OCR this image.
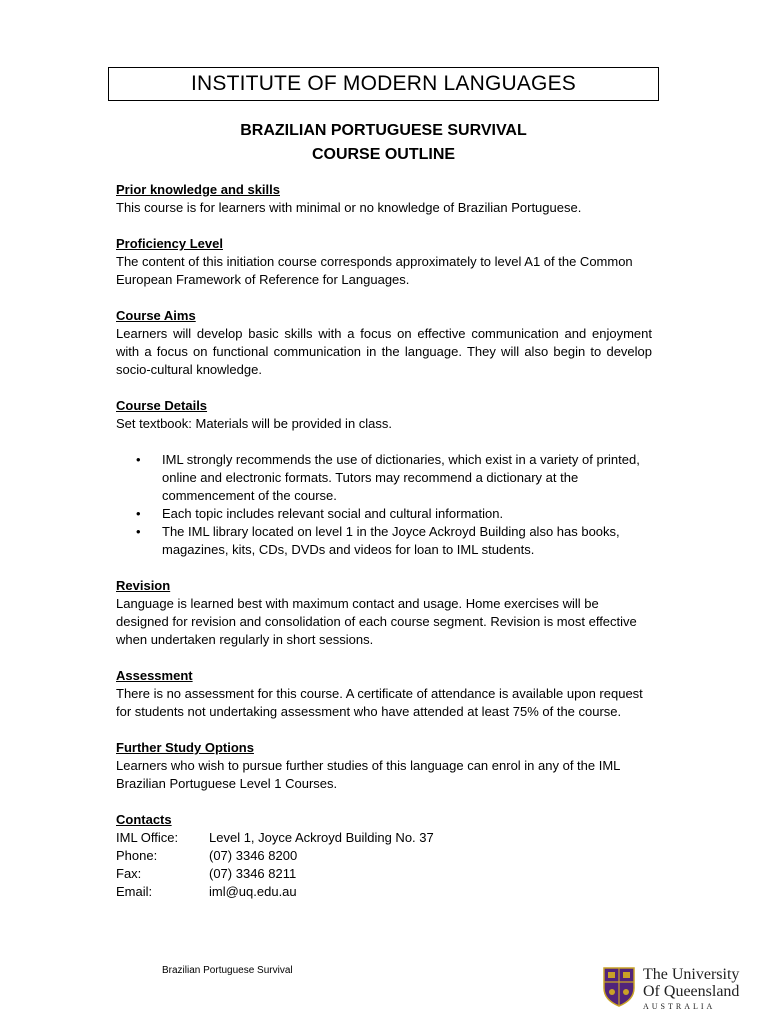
INSTITUTE OF MODERN LANGUAGES
BRAZILIAN PORTUGUESE SURVIVAL
COURSE OUTLINE
Prior knowledge and skills

This course is for learners with minimal or no knowledge of Brazilian Portuguese.

Proficiency Level

The content of this initiation course corresponds approximately to level A1 of the Common European Framework of Reference for Languages.

Course Aims

Learners will develop basic skills with a focus on effective communication and enjoyment with a focus on functional communication in the language. They will also begin to develop socio-cultural knowledge.

Course Details

Set textbook: Materials will be provided in class.

• IML strongly recommends the use of dictionaries, which exist in a variety of printed, online and electronic formats. Tutors may recommend a dictionary at the commencement of the course.
• Each topic includes relevant social and cultural information.
• The IML library located on level 1 in the Joyce Ackroyd Building also has books, magazines, kits, CDs, DVDs and videos for loan to IML students.
Revision

Language is learned best with maximum contact and usage. Home exercises will be designed for revision and consolidation of each course segment. Revision is most effective when undertaken regularly in short sessions.

Assessment

There is no assessment for this course. A certificate of attendance is available upon request for students not undertaking assessment who have attended at least 75% of the course.

Further Study Options

Learners who wish to pursue further studies of this language can enrol in any of the IML Brazilian Portuguese Level 1 Courses.

Contacts
IML Office:	Level 1, Joyce Ackroyd Building No. 37
Phone:	(07) 3346 8200
Fax:	(07) 3346 8211
Email:	iml@uq.edu.au
Brazilian Portuguese Survival	The University
Of Queensland
AUSTRALIA
